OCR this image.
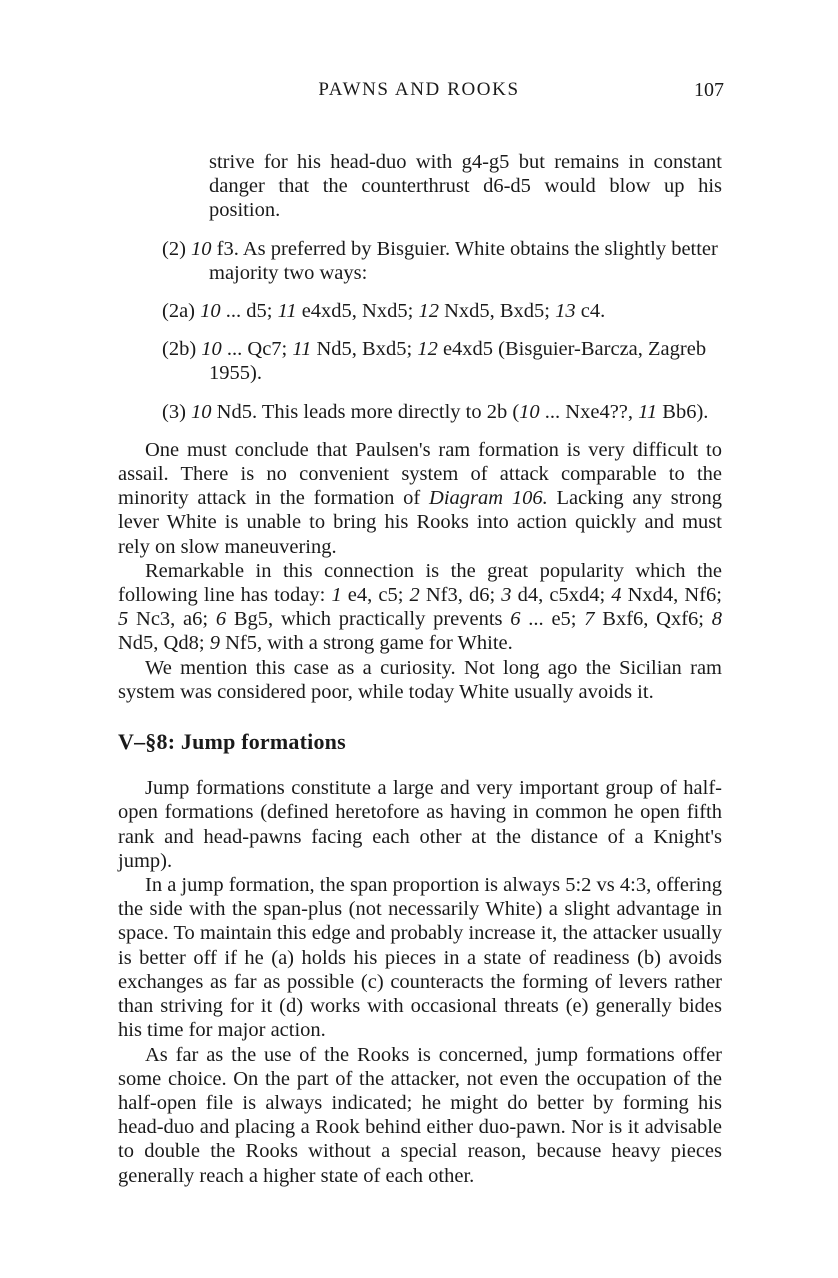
PAWNS AND ROOKS	107

strive for his head-duo with g4-g5 but remains in constant danger that the counterthrust d6-d5 would blow up his position.

(2) 10 f3. As preferred by Bisguier. White obtains the slightly better majority two ways:

(2a) 10 ... d5; 11 e4xd5, Nxd5; 12 Nxd5, Bxd5; 13 c4.

(2b) 10 ... Qc7; 11 Nd5, Bxd5; 12 e4xd5 (Bisguier-Barcza, Zagreb 1955).

(3) 10 Nd5. This leads more directly to 2b (10 ... Nxe4??, 11 Bb6).

One must conclude that Paulsen's ram formation is very difficult to assail. There is no convenient system of attack comparable to the minority attack in the formation of Diagram 106. Lacking any strong lever White is unable to bring his Rooks into action quickly and must rely on slow maneuvering.

Remarkable in this connection is the great popularity which the following line has today: 1 e4, c5; 2 Nf3, d6; 3 d4, c5xd4; 4 Nxd4, Nf6; 5 Nc3, a6; 6 Bg5, which practically prevents 6 ... e5; 7 Bxf6, Qxf6; 8 Nd5, Qd8; 9 Nf5, with a strong game for White.

We mention this case as a curiosity. Not long ago the Sicilian ram system was considered poor, while today White usually avoids it.

V–§8: Jump formations

Jump formations constitute a large and very important group of half-open formations (defined heretofore as having in common he open fifth rank and head-pawns facing each other at the distance of a Knight's jump).

In a jump formation, the span proportion is always 5:2 vs 4:3, offering the side with the span-plus (not necessarily White) a slight advantage in space. To maintain this edge and probably increase it, the attacker usually is better off if he (a) holds his pieces in a state of readiness (b) avoids exchanges as far as possible (c) counteracts the forming of levers rather than striving for it (d) works with occasional threats (e) generally bides his time for major action.

As far as the use of the Rooks is concerned, jump formations offer some choice. On the part of the attacker, not even the occupation of the half-open file is always indicated; he might do better by forming his head-duo and placing a Rook behind either duo-pawn. Nor is it advisable to double the Rooks without a special reason, because heavy pieces generally reach a higher state of each other.
